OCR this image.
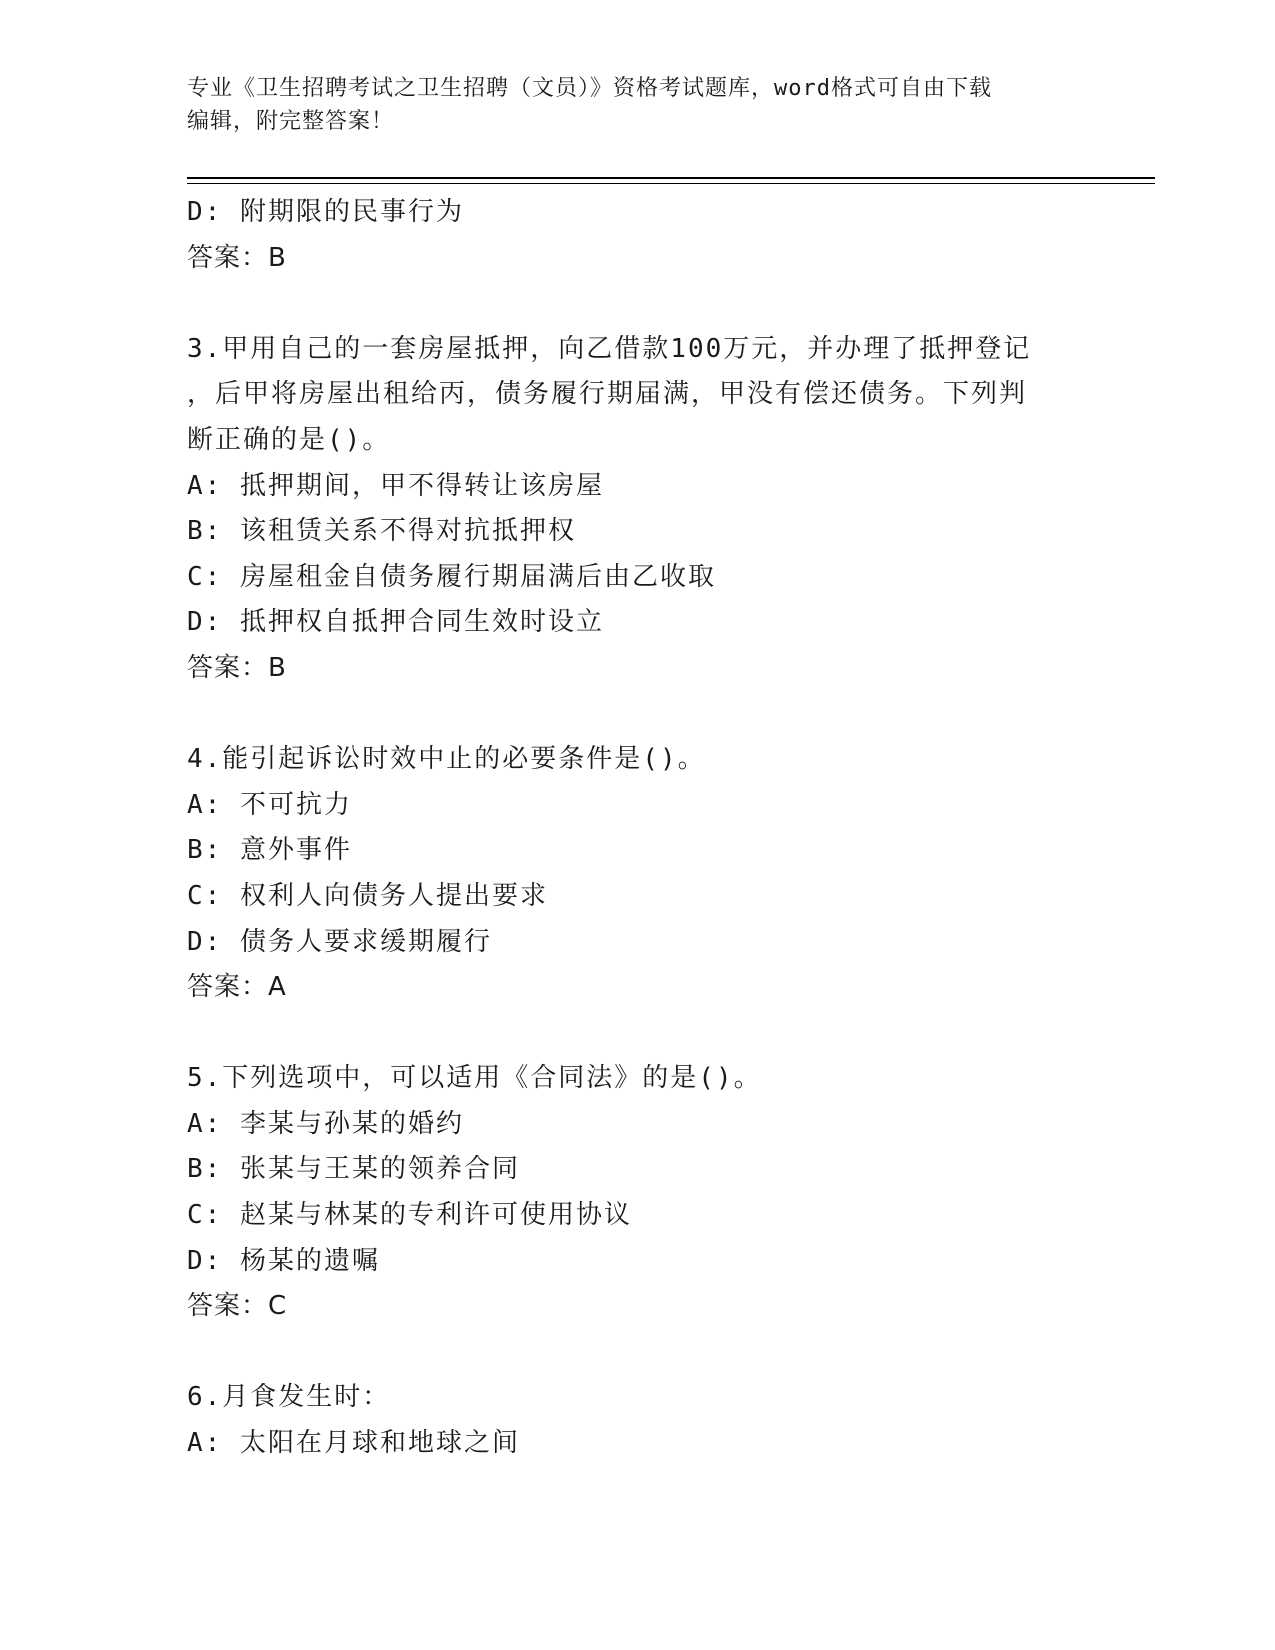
专业《卫生招聘考试之卫生招聘（文员）》资格考试题库，word格式可自由下载
编辑，附完整答案！
D: 附期限的民事行为
答案：B
3.甲用自己的一套房屋抵押，向乙借款100万元，并办理了抵押登记
，后甲将房屋出租给丙，债务履行期届满，甲没有偿还债务。下列判
断正确的是()。
A: 抵押期间，甲不得转让该房屋
B: 该租赁关系不得对抗抵押权
C: 房屋租金自债务履行期届满后由乙收取
D: 抵押权自抵押合同生效时设立
答案：B
4.能引起诉讼时效中止的必要条件是()。
A: 不可抗力
B: 意外事件
C: 权利人向债务人提出要求
D: 债务人要求缓期履行
答案：A
5.下列选项中，可以适用《合同法》的是()。
A: 李某与孙某的婚约
B: 张某与王某的领养合同
C: 赵某与林某的专利许可使用协议
D: 杨某的遗嘱
答案：C
6.月食发生时：
A: 太阳在月球和地球之间
